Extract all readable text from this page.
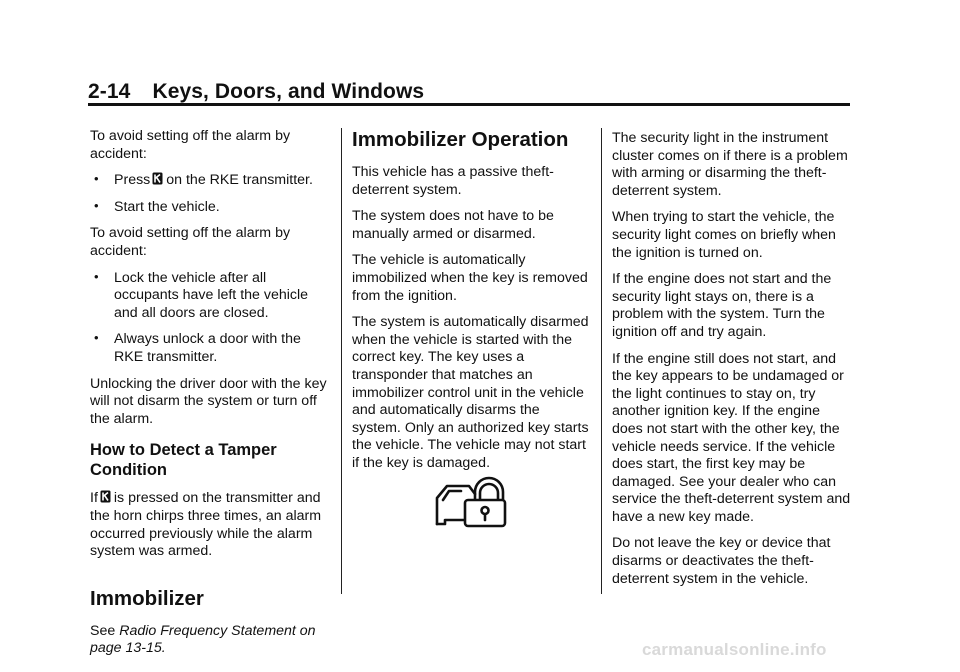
2-14 Keys, Doors, and Windows

To avoid setting off the alarm by accident:

• Press on the RKE transmitter.
• Start the vehicle.

To avoid setting off the alarm by accident:

• Lock the vehicle after all occupants have left the vehicle and all doors are closed.
• Always unlock a door with the RKE transmitter.

Unlocking the driver door with the key will not disarm the system or turn off the alarm.

How to Detect a Tamper Condition

If is pressed on the transmitter and the horn chirps three times, an alarm occurred previously while the alarm system was armed.

Immobilizer

See Radio Frequency Statement on page 13-15.

Immobilizer Operation

This vehicle has a passive theft-deterrent system.

The system does not have to be manually armed or disarmed.

The vehicle is automatically immobilized when the key is removed from the ignition.

The system is automatically disarmed when the vehicle is started with the correct key. The key uses a transponder that matches an immobilizer control unit in the vehicle and automatically disarms the system. Only an authorized key starts the vehicle. The vehicle may not start if the key is damaged.

The security light in the instrument cluster comes on if there is a problem with arming or disarming the theft-deterrent system.

When trying to start the vehicle, the security light comes on briefly when the ignition is turned on.

If the engine does not start and the security light stays on, there is a problem with the system. Turn the ignition off and try again.

If the engine still does not start, and the key appears to be undamaged or the light continues to stay on, try another ignition key. If the engine does not start with the other key, the vehicle needs service. If the vehicle does start, the first key may be damaged. See your dealer who can service the theft-deterrent system and have a new key made.

Do not leave the key or device that disarms or deactivates the theft-deterrent system in the vehicle.

carmanualsonline.info
